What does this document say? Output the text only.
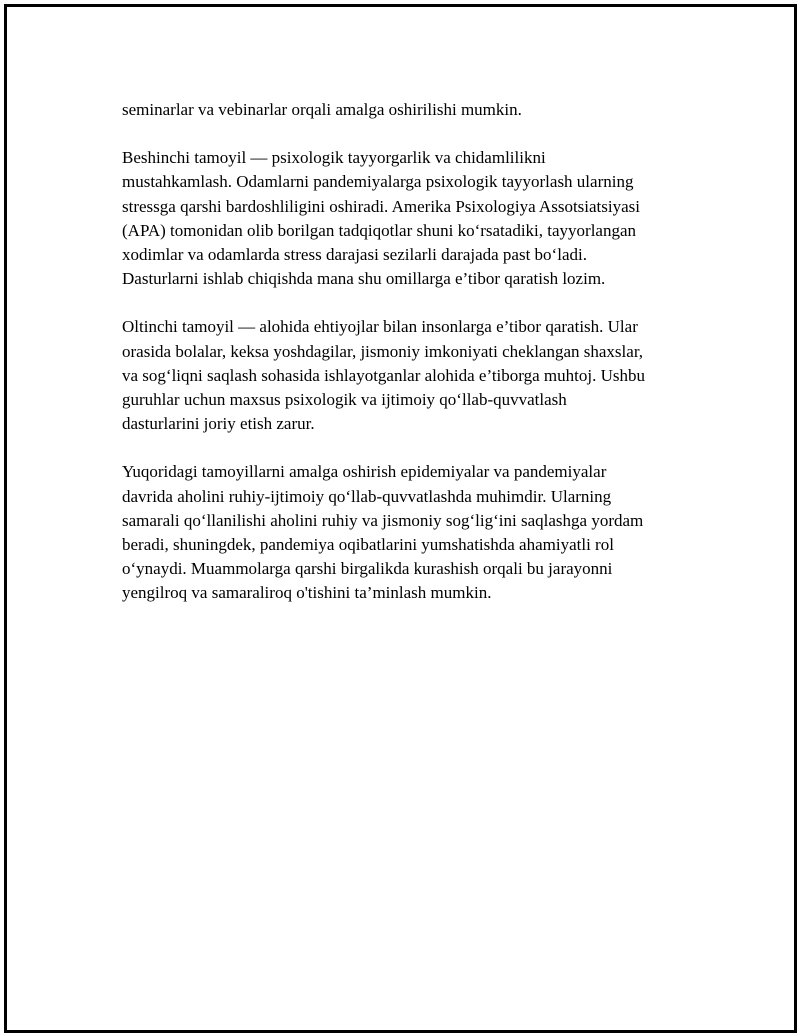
seminarlar va vebinarlar orqali amalga oshirilishi mumkin.

Beshinchi tamoyil — psixologik tayyorgarlik va chidamlilikni
mustahkamlash. Odamlarni pandemiyalarga psixologik tayyorlash ularning
stressga qarshi bardoshliligini oshiradi. Amerika Psixologiya Assotsiatsiyasi
(APA) tomonidan olib borilgan tadqiqotlar shuni koʻrsatadiki, tayyorlangan
xodimlar va odamlarda stress darajasi sezilarli darajada past boʻladi.
Dasturlarni ishlab chiqishda mana shu omillarga e’tibor qaratish lozim.

Oltinchi tamoyil — alohida ehtiyojlar bilan insonlarga e’tibor qaratish. Ular
orasida bolalar, keksa yoshdagilar, jismoniy imkoniyati cheklangan shaxslar,
va sogʻliqni saqlash sohasida ishlayotganlar alohida e’tiborga muhtoj. Ushbu
guruhlar uchun maxsus psixologik va ijtimoiy qoʻllab-quvvatlash
dasturlarini joriy etish zarur.

Yuqoridagi tamoyillarni amalga oshirish epidemiyalar va pandemiyalar
davrida aholini ruhiy-ijtimoiy qoʻllab-quvvatlashda muhimdir. Ularning
samarali qoʻllanilishi aholini ruhiy va jismoniy sogʻligʻini saqlashga yordam
beradi, shuningdek, pandemiya oqibatlarini yumshatishda ahamiyatli rol
oʻynaydi. Muammolarga qarshi birgalikda kurashish orqali bu jarayonni
yengilroq va samaraliroq o'tishini ta’minlash mumkin.
